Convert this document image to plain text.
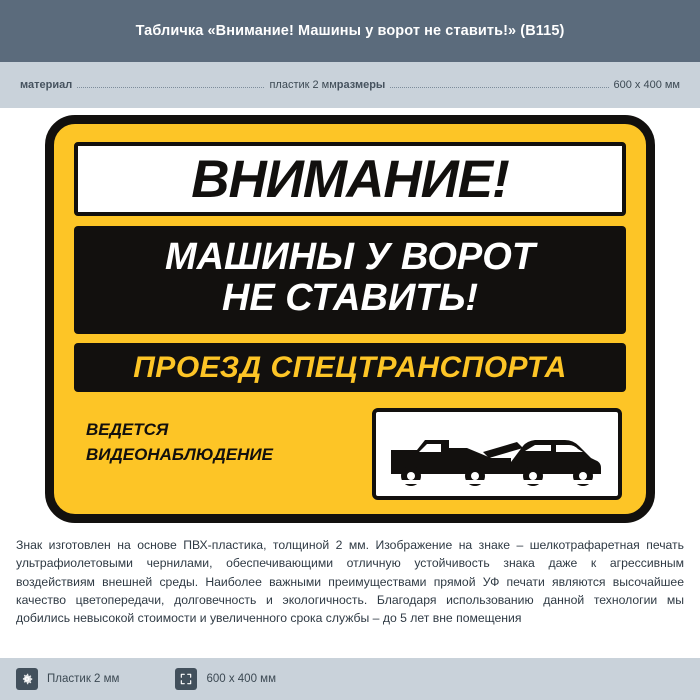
Табличка «Внимание! Машины у ворот не ставить!» (В115)
материал	пластик 2 мм размеры	600 x 400 мм
ВНИМАНИЕ!
МАШИНЫ У ВОРОТ
НЕ СТАВИТЬ!
ПРОЕЗД СПЕЦТРАНСПОРТА
ВЕДЕТСЯ
ВИДЕОНАБЛЮДЕНИЕ
Знак изготовлен на основе ПВХ-пластика, толщиной 2 мм. Изображение на знаке – шелкотрафаретная печать ультрафиолетовыми чернилами, обеспечивающими отличную устойчивость знака даже к агрессивным воздействиям внешней среды. Наиболее важными преимуществами прямой УФ печати являются высочайшее качество цветопередачи, долговечность и экологичность. Благодаря использованию данной технологии мы добились невысокой стоимости и увеличенного срока службы – до 5 лет вне помещения
Пластик 2 мм	600 x 400 мм
